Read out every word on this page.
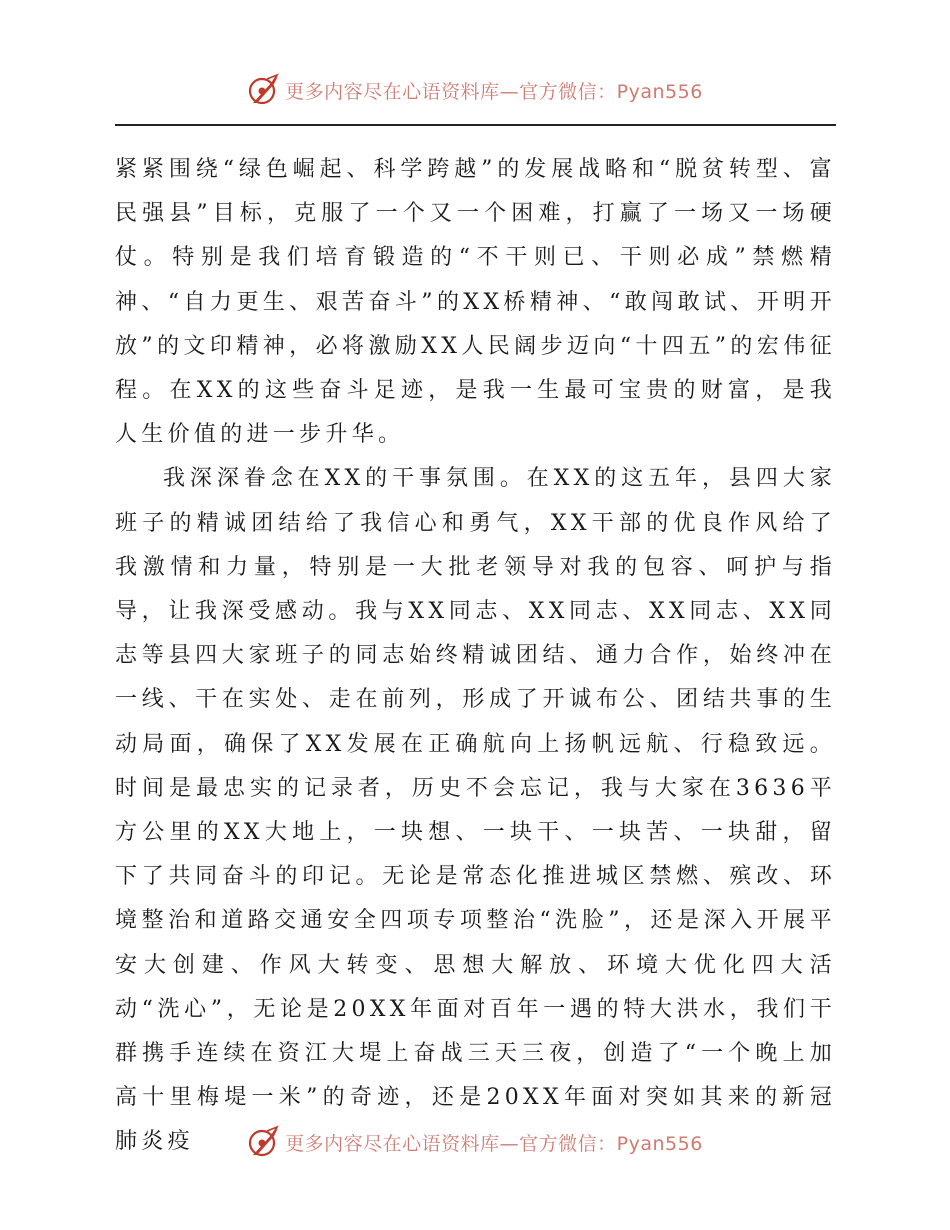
更多内容尽在心语资料库—官方微信：Pyan556

紧紧围绕“绿色崛起、科学跨越”的发展战略和“脱贫转型、富民强县”目标，克服了一个又一个困难，打赢了一场又一场硬仗。特别是我们培育锻造的“不干则已、干则必成”禁燃精神、“自力更生、艰苦奋斗”的XX桥精神、“敢闯敢试、开明开放”的文印精神，必将激励XX人民阔步迈向“十四五”的宏伟征程。在XX的这些奋斗足迹，是我一生最可宝贵的财富，是我人生价值的进一步升华。

我深深眷念在XX的干事氛围。在XX的这五年，县四大家班子的精诚团结给了我信心和勇气，XX干部的优良作风给了我激情和力量，特别是一大批老领导对我的包容、呵护与指导，让我深受感动。我与XX同志、XX同志、XX同志、XX同志等县四大家班子的同志始终精诚团结、通力合作，始终冲在一线、干在实处、走在前列，形成了开诚布公、团结共事的生动局面，确保了XX发展在正确航向上扬帆远航、行稳致远。时间是最忠实的记录者，历史不会忘记，我与大家在3636平方公里的XX大地上，一块想、一块干、一块苦、一块甜，留下了共同奋斗的印记。无论是常态化推进城区禁燃、殡改、环境整治和道路交通安全四项专项整治“洗脸”，还是深入开展平安大创建、作风大转变、思想大解放、环境大优化四大活动“洗心”，无论是20XX年面对百年一遇的特大洪水，我们干群携手连续在资江大堤上奋战三天三夜，创造了“一个晚上加高十里梅堤一米”的奇迹，还是20XX年面对突如其来的新冠肺炎疫	更多内容尽在心语资料库—官方微信：Pyan556
